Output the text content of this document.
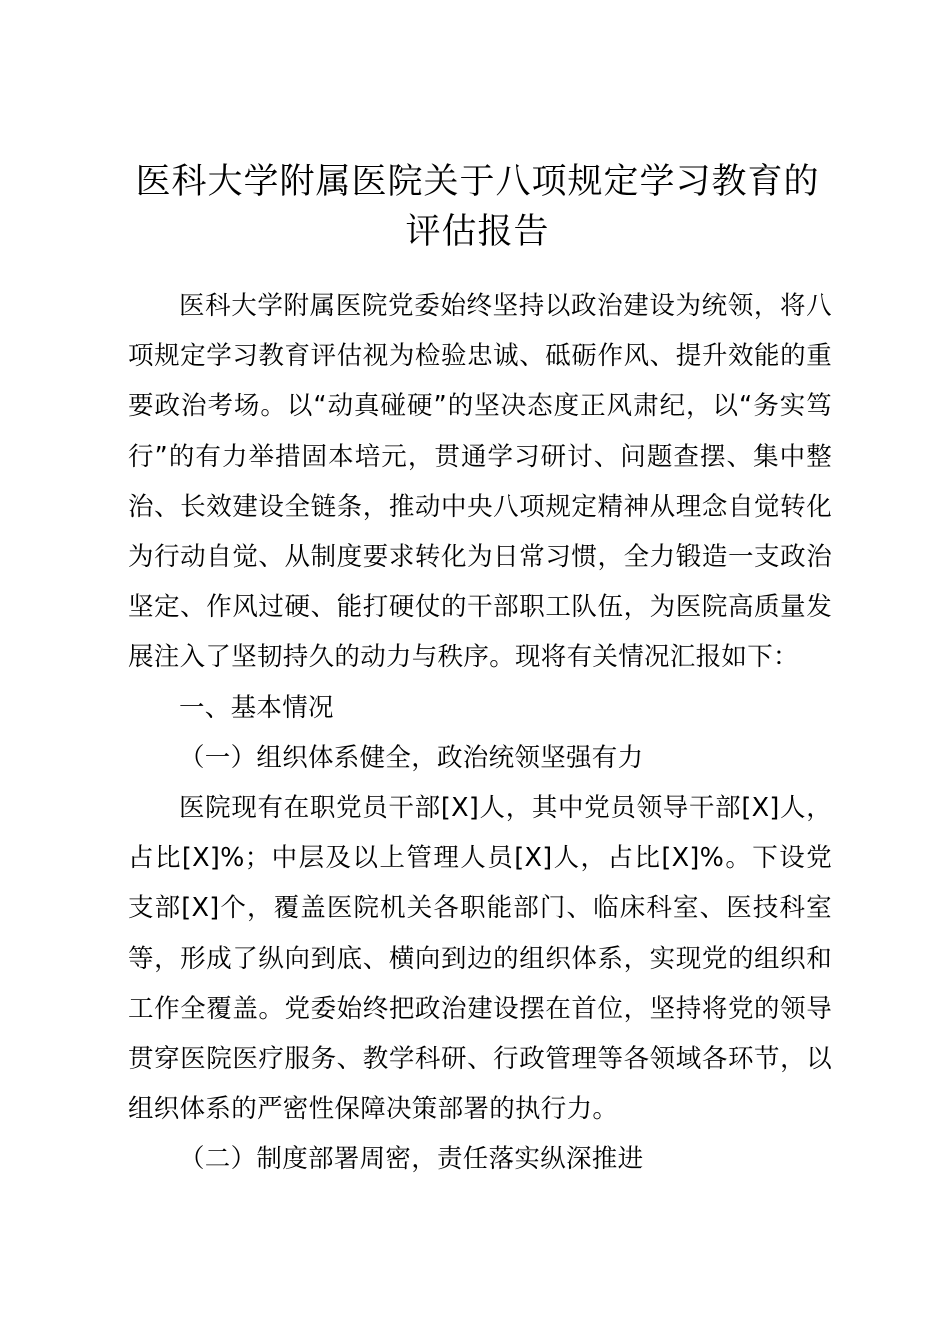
医科大学附属医院关于八项规定学习教育的评估报告

医科大学附属医院党委始终坚持以政治建设为统领，将八项规定学习教育评估视为检验忠诚、砥砺作风、提升效能的重要政治考场。以“动真碰硬”的坚决态度正风肃纪，以“务实笃行”的有力举措固本培元，贯通学习研讨、问题查摆、集中整治、长效建设全链条，推动中央八项规定精神从理念自觉转化为行动自觉、从制度要求转化为日常习惯，全力锻造一支政治坚定、作风过硬、能打硬仗的干部职工队伍，为医院高质量发展注入了坚韧持久的动力与秩序。现将有关情况汇报如下：

一、基本情况

（一）组织体系健全，政治统领坚强有力

医院现有在职党员干部[X]人，其中党员领导干部[X]人，占比[X]%；中层及以上管理人员[X]人，占比[X]%。下设党支部[X]个，覆盖医院机关各职能部门、临床科室、医技科室等，形成了纵向到底、横向到边的组织体系，实现党的组织和工作全覆盖。党委始终把政治建设摆在首位，坚持将党的领导贯穿医院医疗服务、教学科研、行政管理等各领域各环节，以组织体系的严密性保障决策部署的执行力。

（二）制度部署周密，责任落实纵深推进
